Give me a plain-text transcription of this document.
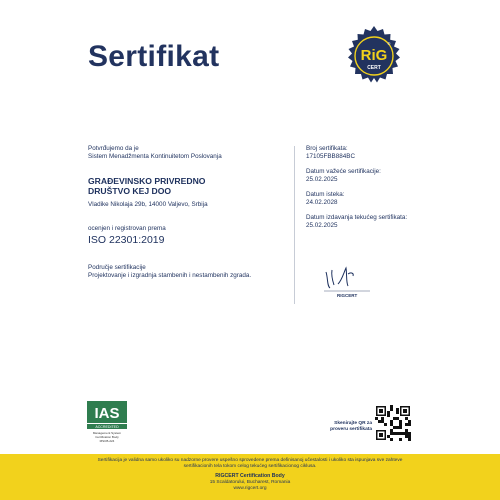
Sertifikat	RiG
CERT
®
Potvrđujemo da je
Sistem Menadžmenta Kontinuitetom Poslovanja
GRAĐEVINSKO PRIVREDNO
DRUŠTVO KEJ DOO
Vladike Nikolaja 29b, 14000 Valjevo, Srbija
ocenjen i registrovan prema
ISO 22301:2019
Područje sertifikacije
Projektovanje i izgradnja stambenih i nestambenih zgrada.
Broj sertifikata:
17105FBB884BC
Datum važeće sertifikacije:
25.02.2025
Datum isteka:
24.02.2028
Datum izdavanja tekućeg sertifikata:
25.02.2025
RIGCERT
IAS
ACCREDITED
Management System
Certification Body
MSCB-224
Skenirajte QR za
proveru sertifikata
Sertifikacija je validna samo ukoliko su nadzorne provere uspešno sprovedene prema definisanoj učestalosti i ukoliko sta ispunjava sve zahteve
sertifikacionih tela tokom celog tekućeg sertifikacionog ciklusa.
RIGCERT Certification Body
15 Scaldatorului, Bucharest, Romania
www.rigcert.org
